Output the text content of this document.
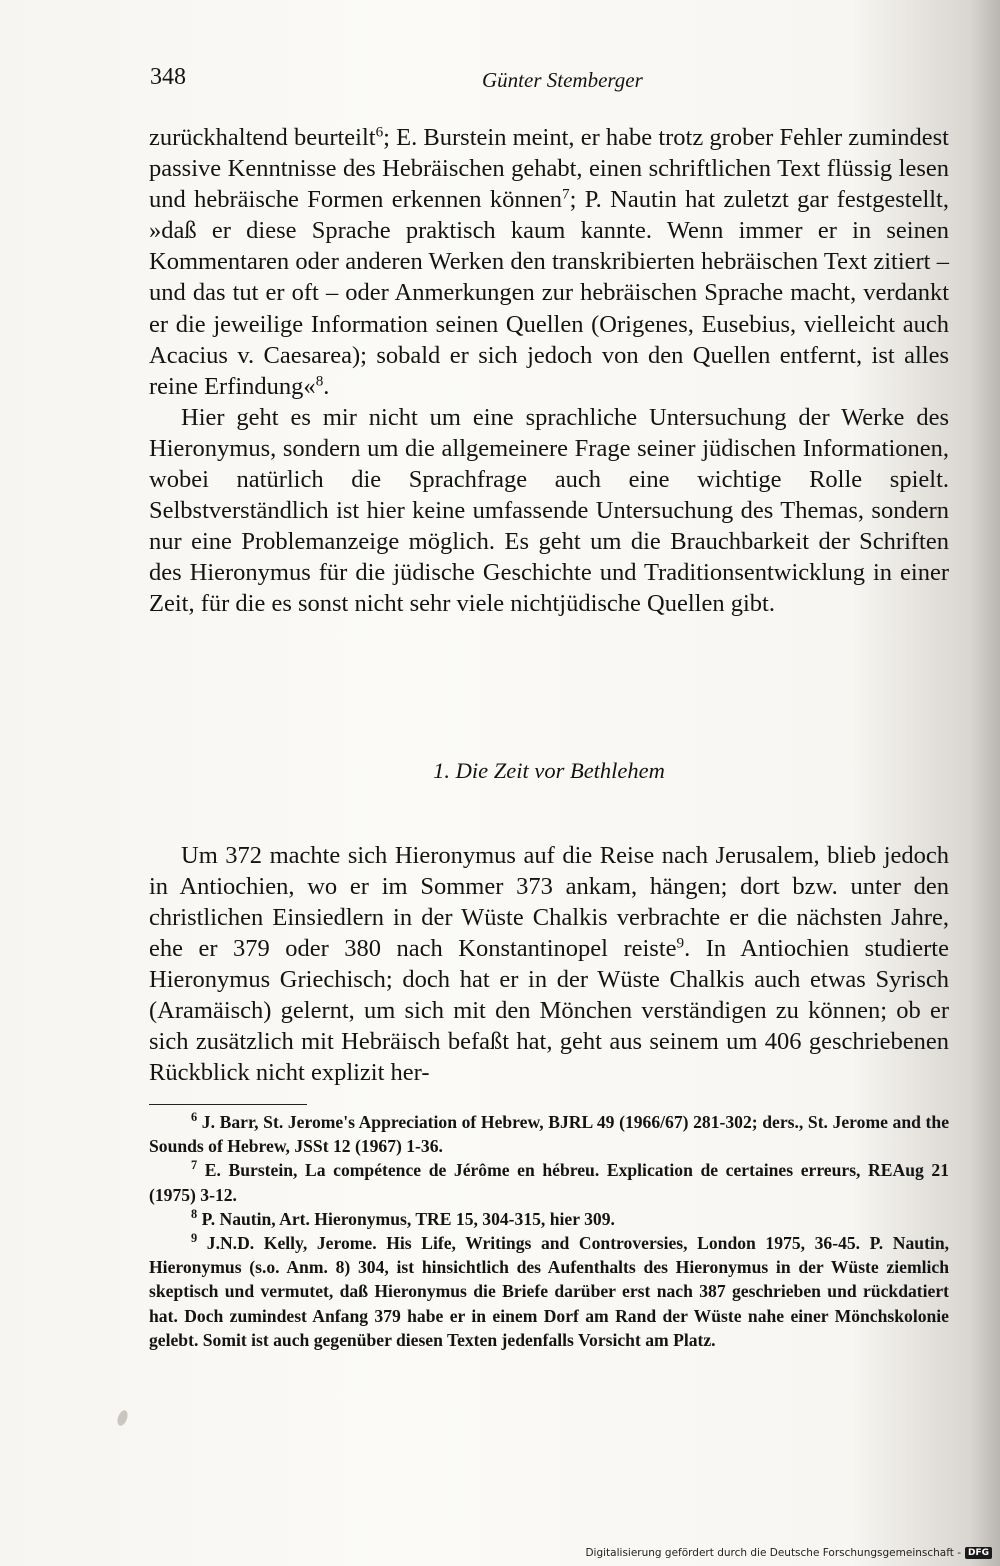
348	Günter Stemberger

zurückhaltend beurteilt$^6$; E. Burstein meint, er habe trotz grober Fehler zumindest passive Kenntnisse des Hebräischen gehabt, einen schriftlichen Text flüssig lesen und hebräische Formen erkennen können$^7$; P. Nautin hat zuletzt gar festgestellt, »daß er diese Sprache praktisch kaum kannte. Wenn immer er in seinen Kommentaren oder anderen Werken den transkribierten hebräischen Text zitiert – und das tut er oft – oder Anmerkungen zur hebräischen Sprache macht, verdankt er die jeweilige Information seinen Quellen (Origenes, Eusebius, vielleicht auch Acacius v. Caesarea); sobald er sich jedoch von den Quellen entfernt, ist alles reine Erfindung«$^8$.

Hier geht es mir nicht um eine sprachliche Untersuchung der Werke des Hieronymus, sondern um die allgemeinere Frage seiner jüdischen Informationen, wobei natürlich die Sprachfrage auch eine wichtige Rolle spielt. Selbstverständlich ist hier keine umfassende Untersuchung des Themas, sondern nur eine Problemanzeige möglich. Es geht um die Brauchbarkeit der Schriften des Hieronymus für die jüdische Geschichte und Traditionsentwicklung in einer Zeit, für die es sonst nicht sehr viele nichtjüdische Quellen gibt.

1. Die Zeit vor Bethlehem

Um 372 machte sich Hieronymus auf die Reise nach Jerusalem, blieb jedoch in Antiochien, wo er im Sommer 373 ankam, hängen; dort bzw. unter den christlichen Einsiedlern in der Wüste Chalkis verbrachte er die nächsten Jahre, ehe er 379 oder 380 nach Konstantinopel reiste$^9$. In Antiochien studierte Hieronymus Griechisch; doch hat er in der Wüste Chalkis auch etwas Syrisch (Aramäisch) gelernt, um sich mit den Mönchen verständigen zu können; ob er sich zusätzlich mit Hebräisch befaßt hat, geht aus seinem um 406 geschriebenen Rückblick nicht explizit her-

$^6$ J. Barr, St. Jerome's Appreciation of Hebrew, BJRL 49 (1966/67) 281-302; ders., St. Jerome and the Sounds of Hebrew, JSSt 12 (1967) 1-36.

$^7$ E. Burstein, La compétence de Jérôme en hébreu. Explication de certaines erreurs, REAug 21 (1975) 3-12.

$^8$ P. Nautin, Art. Hieronymus, TRE 15, 304-315, hier 309.

$^9$ J.N.D. Kelly, Jerome. His Life, Writings and Controversies, London 1975, 36-45. P. Nautin, Hieronymus (s.o. Anm. 8) 304, ist hinsichtlich des Aufenthalts des Hieronymus in der Wüste ziemlich skeptisch und vermutet, daß Hieronymus die Briefe darüber erst nach 387 geschrieben und rückdatiert hat. Doch zumindest Anfang 379 habe er in einem Dorf am Rand der Wüste nahe einer Mönchskolonie gelebt. Somit ist auch gegenüber diesen Texten jedenfalls Vorsicht am Platz.

Digitalisierung gefördert durch die Deutsche Forschungsgemeinschaft - DFG
